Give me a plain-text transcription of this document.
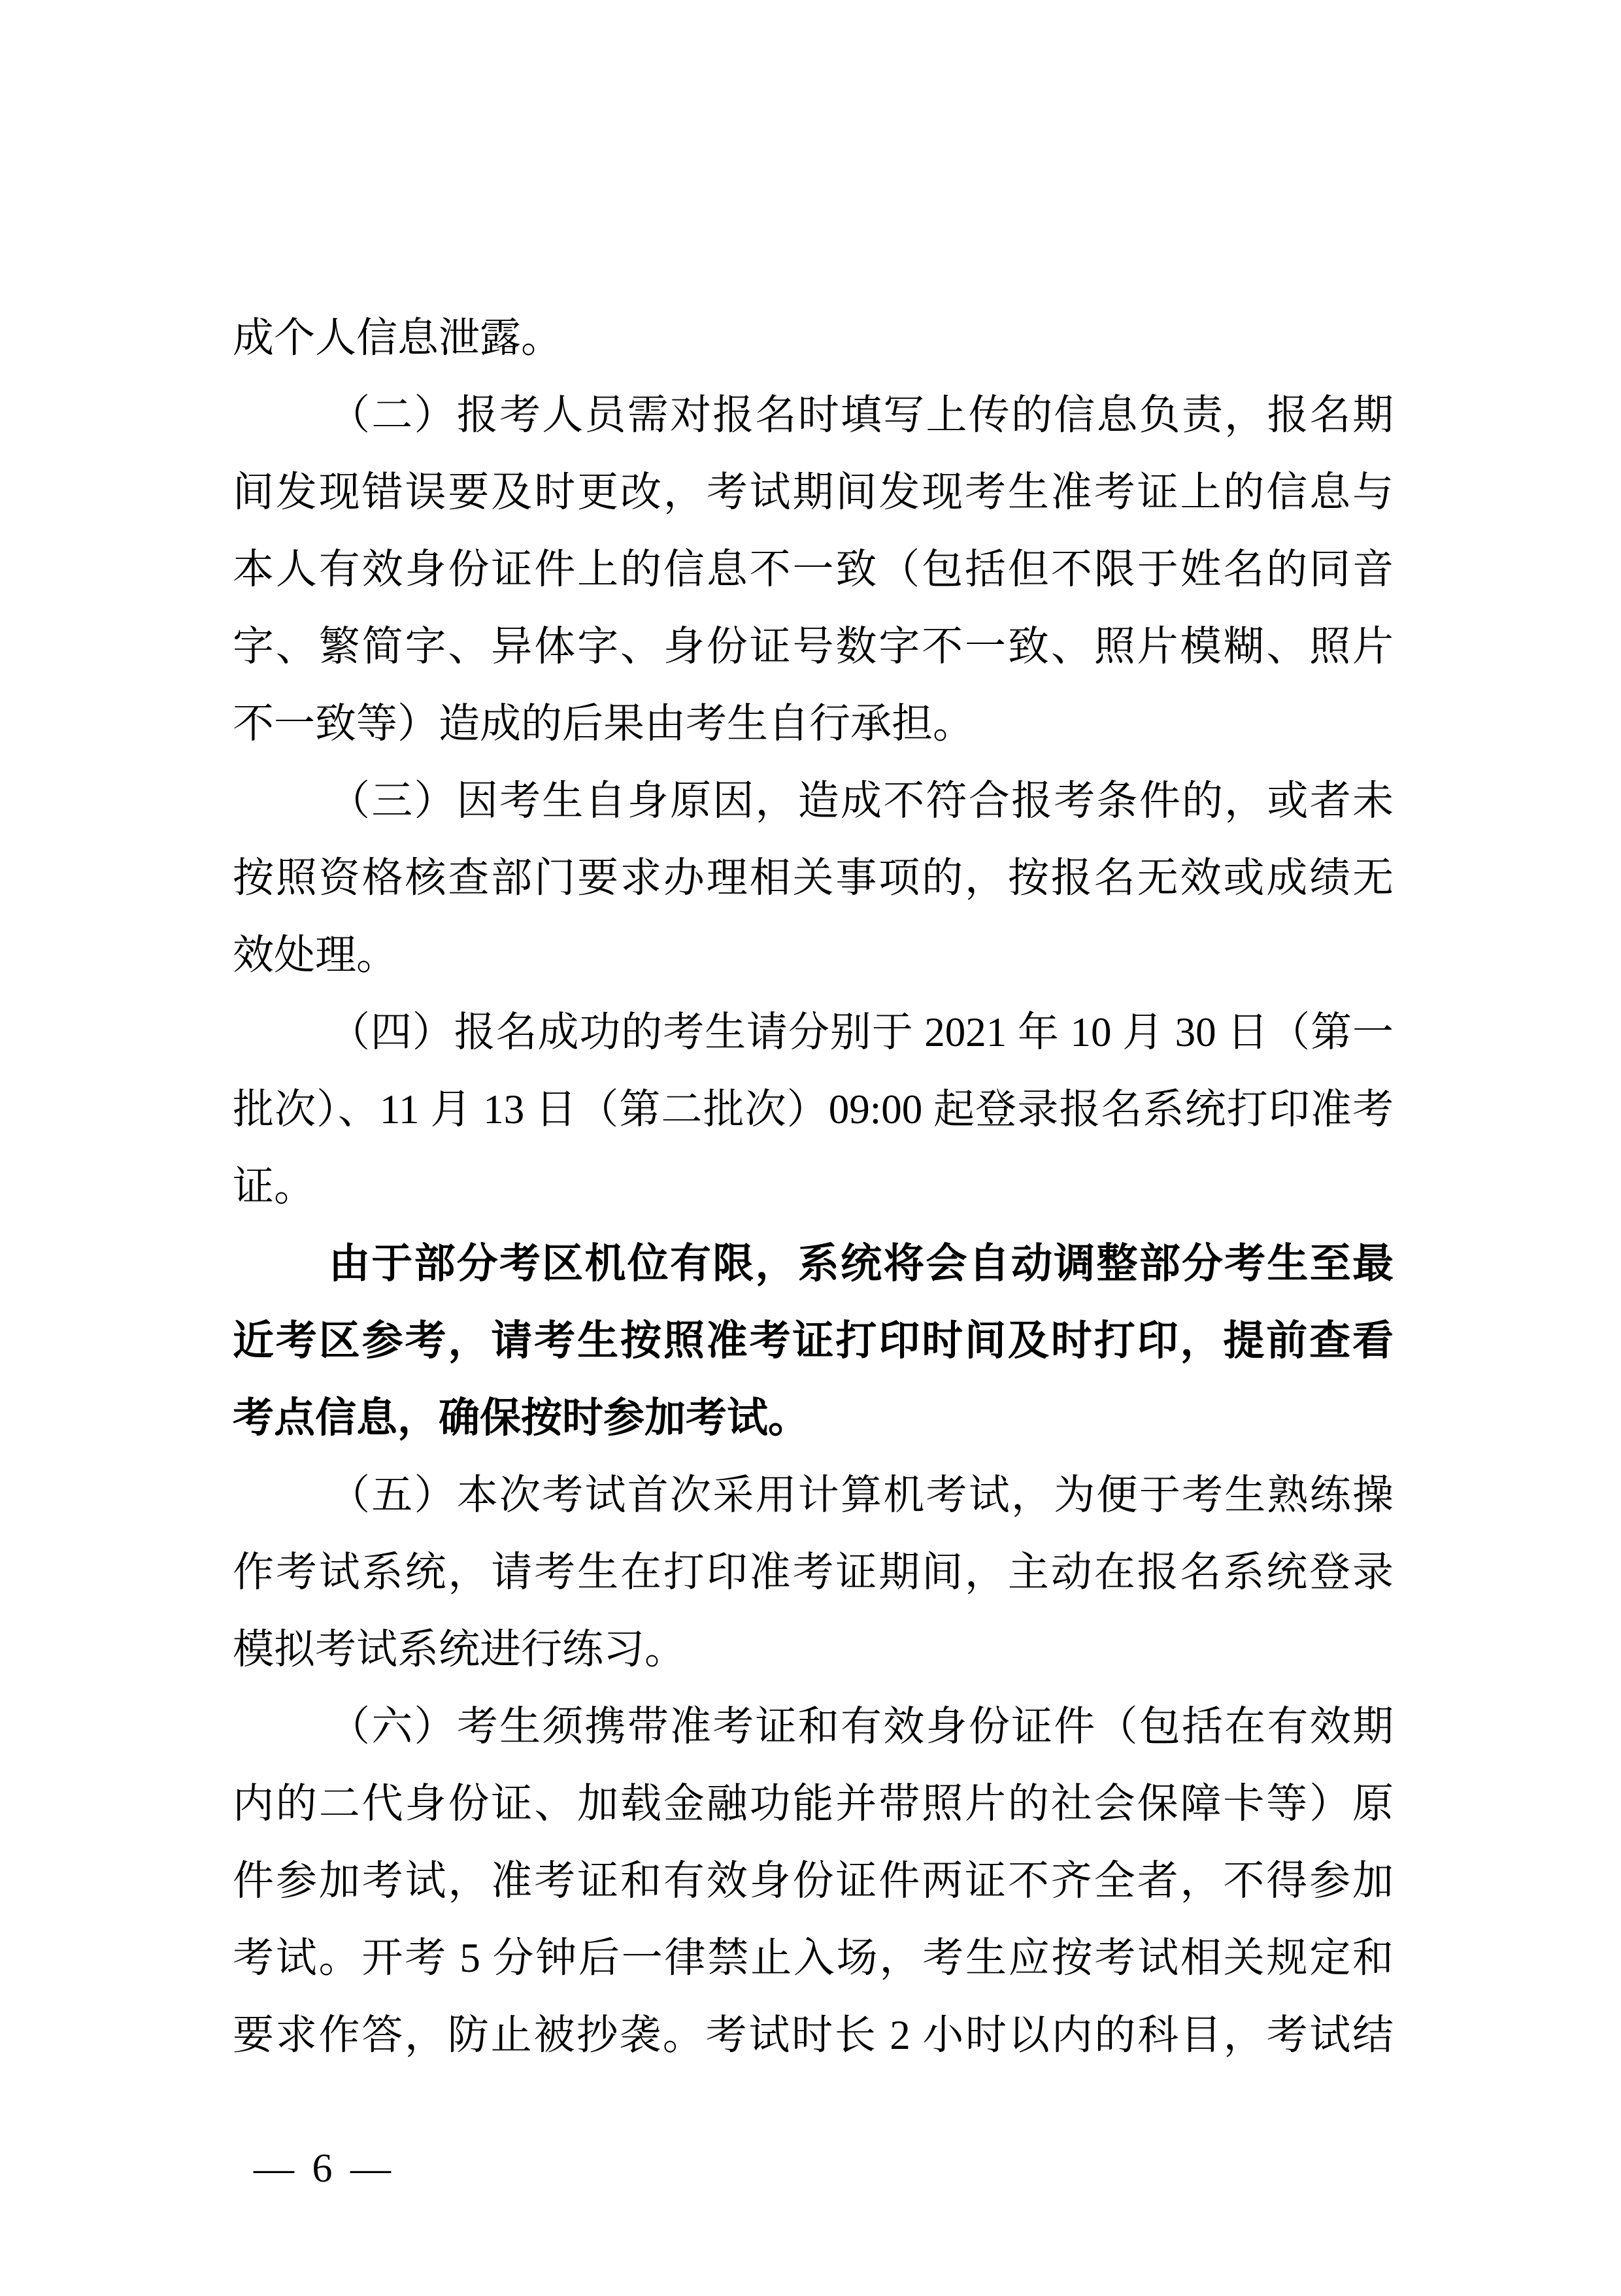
成个人信息泄露。
（二）报考人员需对报名时填写上传的信息负责，报名期
间发现错误要及时更改，考试期间发现考生准考证上的信息与
本人有效身份证件上的信息不一致（包括但不限于姓名的同音
字、繁简字、异体字、身份证号数字不一致、照片模糊、照片
不一致等）造成的后果由考生自行承担。
（三）因考生自身原因，造成不符合报考条件的，或者未
按照资格核查部门要求办理相关事项的，按报名无效或成绩无
效处理。
（四）报名成功的考生请分别于 2021 年 10 月 30 日（第一
批次）、11 月 13 日（第二批次）09:00 起登录报名系统打印准考
证。
由于部分考区机位有限，系统将会自动调整部分考生至最
近考区参考，请考生按照准考证打印时间及时打印，提前查看
考点信息，确保按时参加考试。
（五）本次考试首次采用计算机考试，为便于考生熟练操
作考试系统，请考生在打印准考证期间，主动在报名系统登录
模拟考试系统进行练习。
（六）考生须携带准考证和有效身份证件（包括在有效期
内的二代身份证、加载金融功能并带照片的社会保障卡等）原
件参加考试，准考证和有效身份证件两证不齐全者，不得参加
考试。开考 5 分钟后一律禁止入场，考生应按考试相关规定和
要求作答，防止被抄袭。考试时长 2 小时以内的科目，考试结
— 6 —
